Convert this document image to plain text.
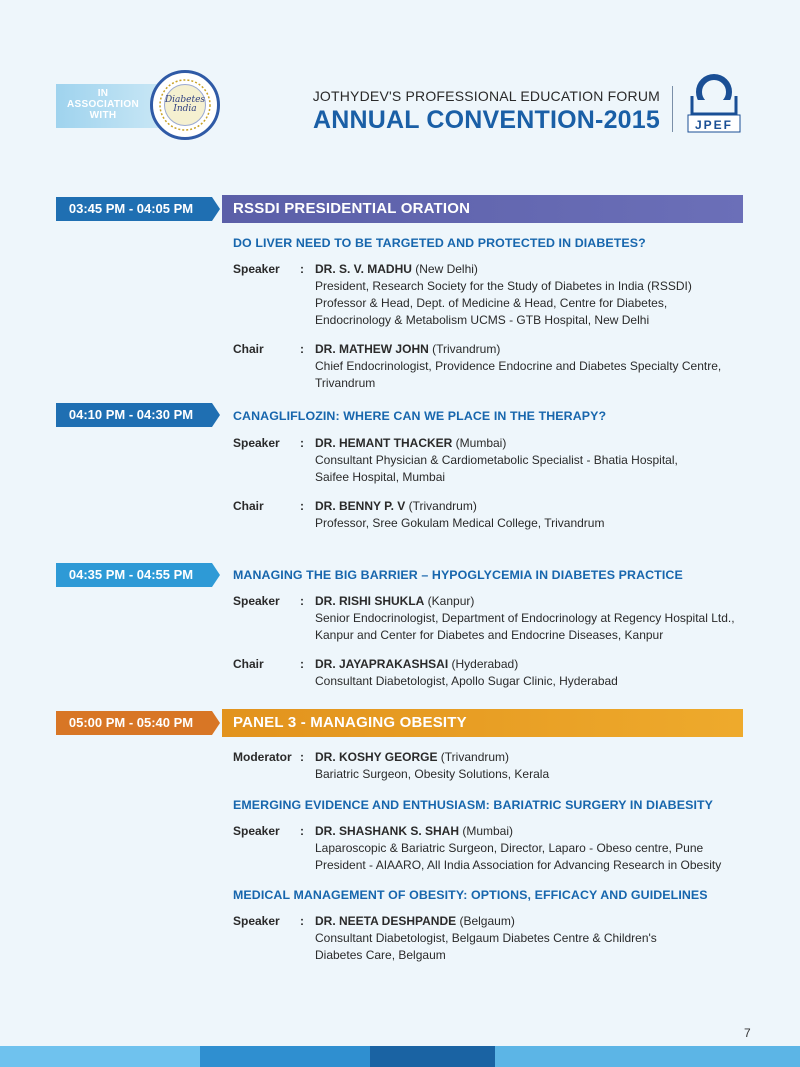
IN
ASSOCIATION
WITH
Diabetes India
JOTHYDEV'S PROFESSIONAL EDUCATION FORUM
ANNUAL CONVENTION-2015	JPEF
03:45 PM - 04:05 PM	RSSDI PRESIDENTIAL ORATION
DO LIVER NEED TO BE TARGETED AND PROTECTED IN DIABETES?
Speaker : DR. S. V. MADHU (New Delhi)
President, Research Society for the Study of Diabetes in India (RSSDI)
Professor & Head, Dept. of Medicine & Head, Centre for Diabetes,
Endocrinology & Metabolism UCMS - GTB Hospital, New Delhi
Chair	: DR. MATHEW JOHN (Trivandrum)
Chief Endocrinologist, Providence Endocrine and Diabetes Specialty Centre,
Trivandrum
04:10 PM - 04:30 PM	CANAGLIFLOZIN: WHERE CAN WE PLACE IN THE THERAPY?
Speaker : DR. HEMANT THACKER (Mumbai)
Consultant Physician & Cardiometabolic Specialist - Bhatia Hospital,
Saifee Hospital, Mumbai
Chair	: DR. BENNY P. V (Trivandrum)
Professor, Sree Gokulam Medical College, Trivandrum
04:35 PM - 04:55 PM	MANAGING THE BIG BARRIER – HYPOGLYCEMIA IN DIABETES PRACTICE
Speaker : DR. RISHI SHUKLA (Kanpur)
Senior Endocrinologist, Department of Endocrinology at Regency Hospital Ltd.,
Kanpur and Center for Diabetes and Endocrine Diseases, Kanpur
Chair	: DR. JAYAPRAKASHSAI (Hyderabad)
Consultant Diabetologist, Apollo Sugar Clinic, Hyderabad
05:00 PM - 05:40 PM	PANEL 3 - MANAGING OBESITY
Moderator : DR. KOSHY GEORGE (Trivandrum)
Bariatric Surgeon, Obesity Solutions, Kerala
EMERGING EVIDENCE AND ENTHUSIASM: BARIATRIC SURGERY IN DIABESITY
Speaker : DR. SHASHANK S. SHAH (Mumbai)
Laparoscopic & Bariatric Surgeon, Director, Laparo - Obeso centre, Pune
President - AIAARO, All India Association for Advancing Research in Obesity
MEDICAL MANAGEMENT OF OBESITY: OPTIONS, EFFICACY AND GUIDELINES
Speaker : DR. NEETA DESHPANDE (Belgaum)
Consultant Diabetologist, Belgaum Diabetes Centre & Children's
Diabetes Care, Belgaum
7
